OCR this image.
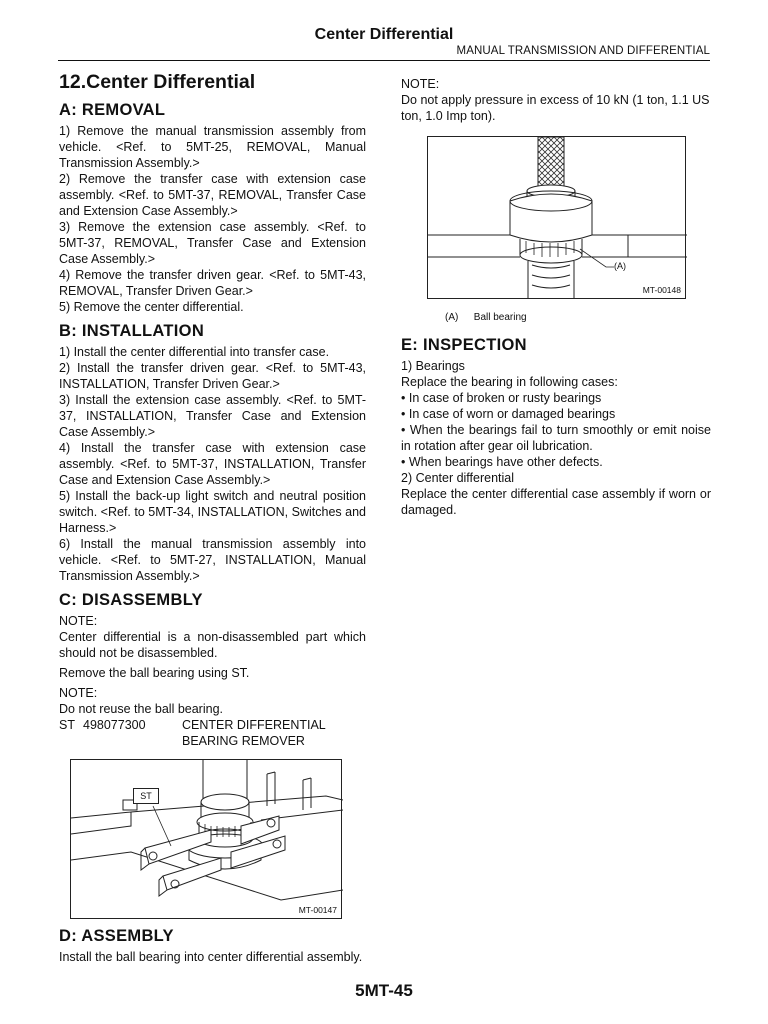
Center Differential
MANUAL TRANSMISSION AND DIFFERENTIAL
12.Center Differential
A: REMOVAL

1) Remove the manual transmission assembly from vehicle. <Ref. to 5MT-25, REMOVAL, Manual Transmission Assembly.>

2) Remove the transfer case with extension case assembly. <Ref. to 5MT-37, REMOVAL, Transfer Case and Extension Case Assembly.>

3) Remove the extension case assembly. <Ref. to 5MT-37, REMOVAL, Transfer Case and Extension Case Assembly.>

4) Remove the transfer driven gear. <Ref. to 5MT-43, REMOVAL, Transfer Driven Gear.>

5) Remove the center differential.

B: INSTALLATION

1) Install the center differential into transfer case.

2) Install the transfer driven gear. <Ref. to 5MT-43, INSTALLATION, Transfer Driven Gear.>

3) Install the extension case assembly. <Ref. to 5MT-37, INSTALLATION, Transfer Case and Extension Case Assembly.>

4) Install the transfer case with extension case assembly. <Ref. to 5MT-37, INSTALLATION, Transfer Case and Extension Case Assembly.>

5) Install the back-up light switch and neutral position switch. <Ref. to 5MT-34, INSTALLATION, Switches and Harness.>

6) Install the manual transmission assembly into vehicle. <Ref. to 5MT-27, INSTALLATION, Manual Transmission Assembly.>

C: DISASSEMBLY

NOTE:

Center differential is a non-disassembled part which should not be disassembled.

Remove the ball bearing using ST.

NOTE:

Do not reuse the ball bearing.

ST 498077300	CENTER DIFFERENTIAL
BEARING REMOVER
ST
MT-00147
D: ASSEMBLY

Install the ball bearing into center differential assembly.

NOTE:

Do not apply pressure in excess of 10 kN (1 ton, 1.1 US ton, 1.0 Imp ton).

(A)
MT-00148
(A) Ball bearing
E: INSPECTION

1) Bearings

Replace the bearing in following cases:

• In case of broken or rusty bearings

• In case of worn or damaged bearings

• When the bearings fail to turn smoothly or emit noise in rotation after gear oil lubrication.

• When bearings have other defects.

2) Center differential

Replace the center differential case assembly if worn or damaged.

5MT-45
